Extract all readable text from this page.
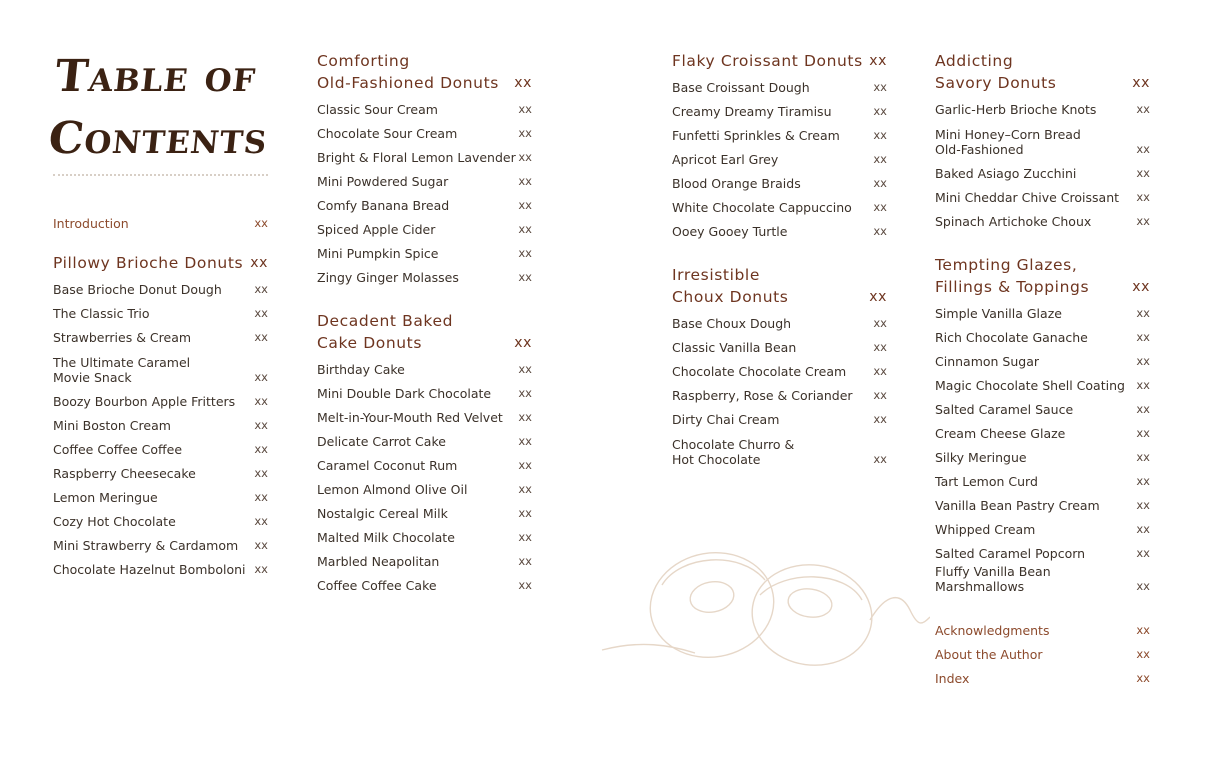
Table of Contents
Introduction	xx
Pillowy Brioche Donuts xx
Base Brioche Donut Dough	xx
The Classic Trio	xx
Strawberries & Cream	xx
The Ultimate Caramel
Movie Snack	xx
Boozy Bourbon Apple Fritters xx
Mini Boston Cream	xx
Coffee Coffee Coffee	xx
Raspberry Cheesecake	xx
Lemon Meringue	xx
Cozy Hot Chocolate	xx
Mini Strawberry & Cardamom xx
Chocolate Hazelnut Bomboloni xx
Comforting
Old-Fashioned Donuts xx
Classic Sour Cream	xx
Chocolate Sour Cream	xx
Bright & Floral Lemon Lavender xx
Mini Powdered Sugar	xx
Comfy Banana Bread	xx
Spiced Apple Cider	xx
Mini Pumpkin Spice	xx
Zingy Ginger Molasses	xx
Decadent Baked
Cake Donuts	xx
Birthday Cake	xx
Mini Double Dark Chocolate xx
Melt-in-Your-Mouth Red Velvet xx
Delicate Carrot Cake	xx
Caramel Coconut Rum	xx
Lemon Almond Olive Oil	xx
Nostalgic Cereal Milk	xx
Malted Milk Chocolate	xx
Marbled Neapolitan	xx
Coffee Coffee Cake	xx
Flaky Croissant Donuts xx
Base Croissant Dough	xx
Creamy Dreamy Tiramisu	xx
Funfetti Sprinkles & Cream	xx
Apricot Earl Grey	xx
Blood Orange Braids	xx
White Chocolate Cappuccino xx
Ooey Gooey Turtle	xx
Irresistible
Choux Donuts	xx
Base Choux Dough	xx
Classic Vanilla Bean	xx
Chocolate Chocolate Cream xx
Raspberry, Rose & Coriander xx
Dirty Chai Cream	xx
Chocolate Churro &
Hot Chocolate	xx
Addicting
Savory Donuts	xx
Garlic-Herb Brioche Knots	xx
Mini Honey–Corn Bread
Old-Fashioned	xx
Baked Asiago Zucchini	xx
Mini Cheddar Chive Croissant xx
Spinach Artichoke Choux	xx
Tempting Glazes,
Fillings & Toppings	xx
Simple Vanilla Glaze	xx
Rich Chocolate Ganache	xx
Cinnamon Sugar	xx
Magic Chocolate Shell Coating xx
Salted Caramel Sauce	xx
Cream Cheese Glaze	xx
Silky Meringue	xx
Tart Lemon Curd	xx
Vanilla Bean Pastry Cream	xx
Whipped Cream	xx
Salted Caramel Popcorn	xx
Fluffy Vanilla Bean Marshmallows	xx
Acknowledgments	xx
About the Author	xx
Index	xx
